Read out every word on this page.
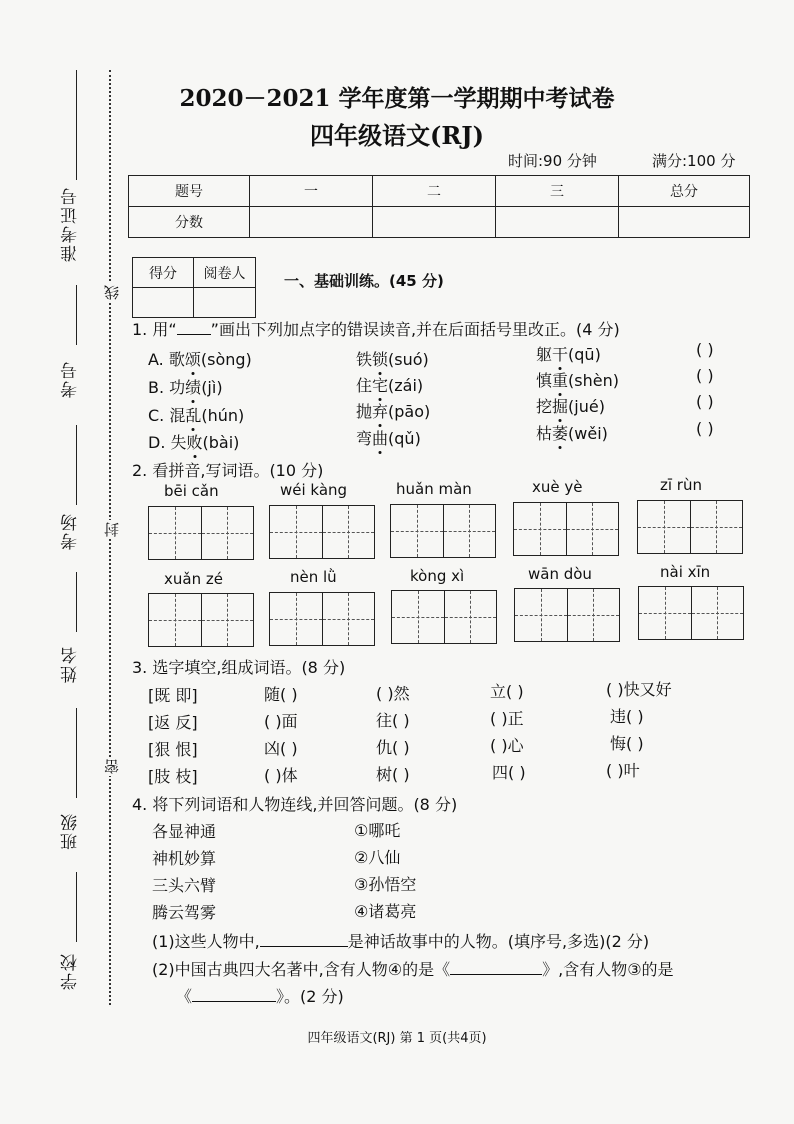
准考证号
考号
考场
姓名
班级
学校
线
封
密
2020－2021 学年度第一学期期中考试卷
四年级语文(RJ)
时间:90 分钟	满分:100 分
题号	一	二	三	总分
分数				
得分	阅卷人
		一、基础训练。(45 分)
1. 用“ ”画出下列加点字的错误读音,并在后面括号里改正。(4 分)
A. 歌颂(sòng)	铁锁(suó)	躯干(qū)	( )
B. 功绩(jì)	住宅(zái)	慎重(shèn)	( )
C. 混乱(hún)	抛弃(pāo)	挖掘(jué)	( )
D. 失败(bài)	弯曲(qǔ)	枯萎(wěi)	( )
2. 看拼音,写词语。(10 分)
bēi cǎn	wéi kàng	huǎn màn	xuè yè	zī rùn
xuǎn zé	nèn lǜ	kòng xì	wān dòu	nài xīn
3. 选字填空,组成词语。(8 分)
[既 即]	随( )	( )然	立( )	( )快又好
[返 反]	( )面	往( )	( )正	违( )
[狠 恨]	凶( )	仇( )	( )心	悔( )
[肢 枝]	( )体	树( )	四( )	( )叶
4. 将下列词语和人物连线,并回答问题。(8 分)
各显神通
神机妙算
三头六臂
腾云驾雾
①哪吒
②八仙
③孙悟空
④诸葛亮
(1)这些人物中,	是神话故事中的人物。(填序号,多选)(2 分)
(2)中国古典四大名著中,含有人物④的是《	》,含有人物③的是
《	》。(2 分)
四年级语文(RJ) 第 1 页(共4页)
